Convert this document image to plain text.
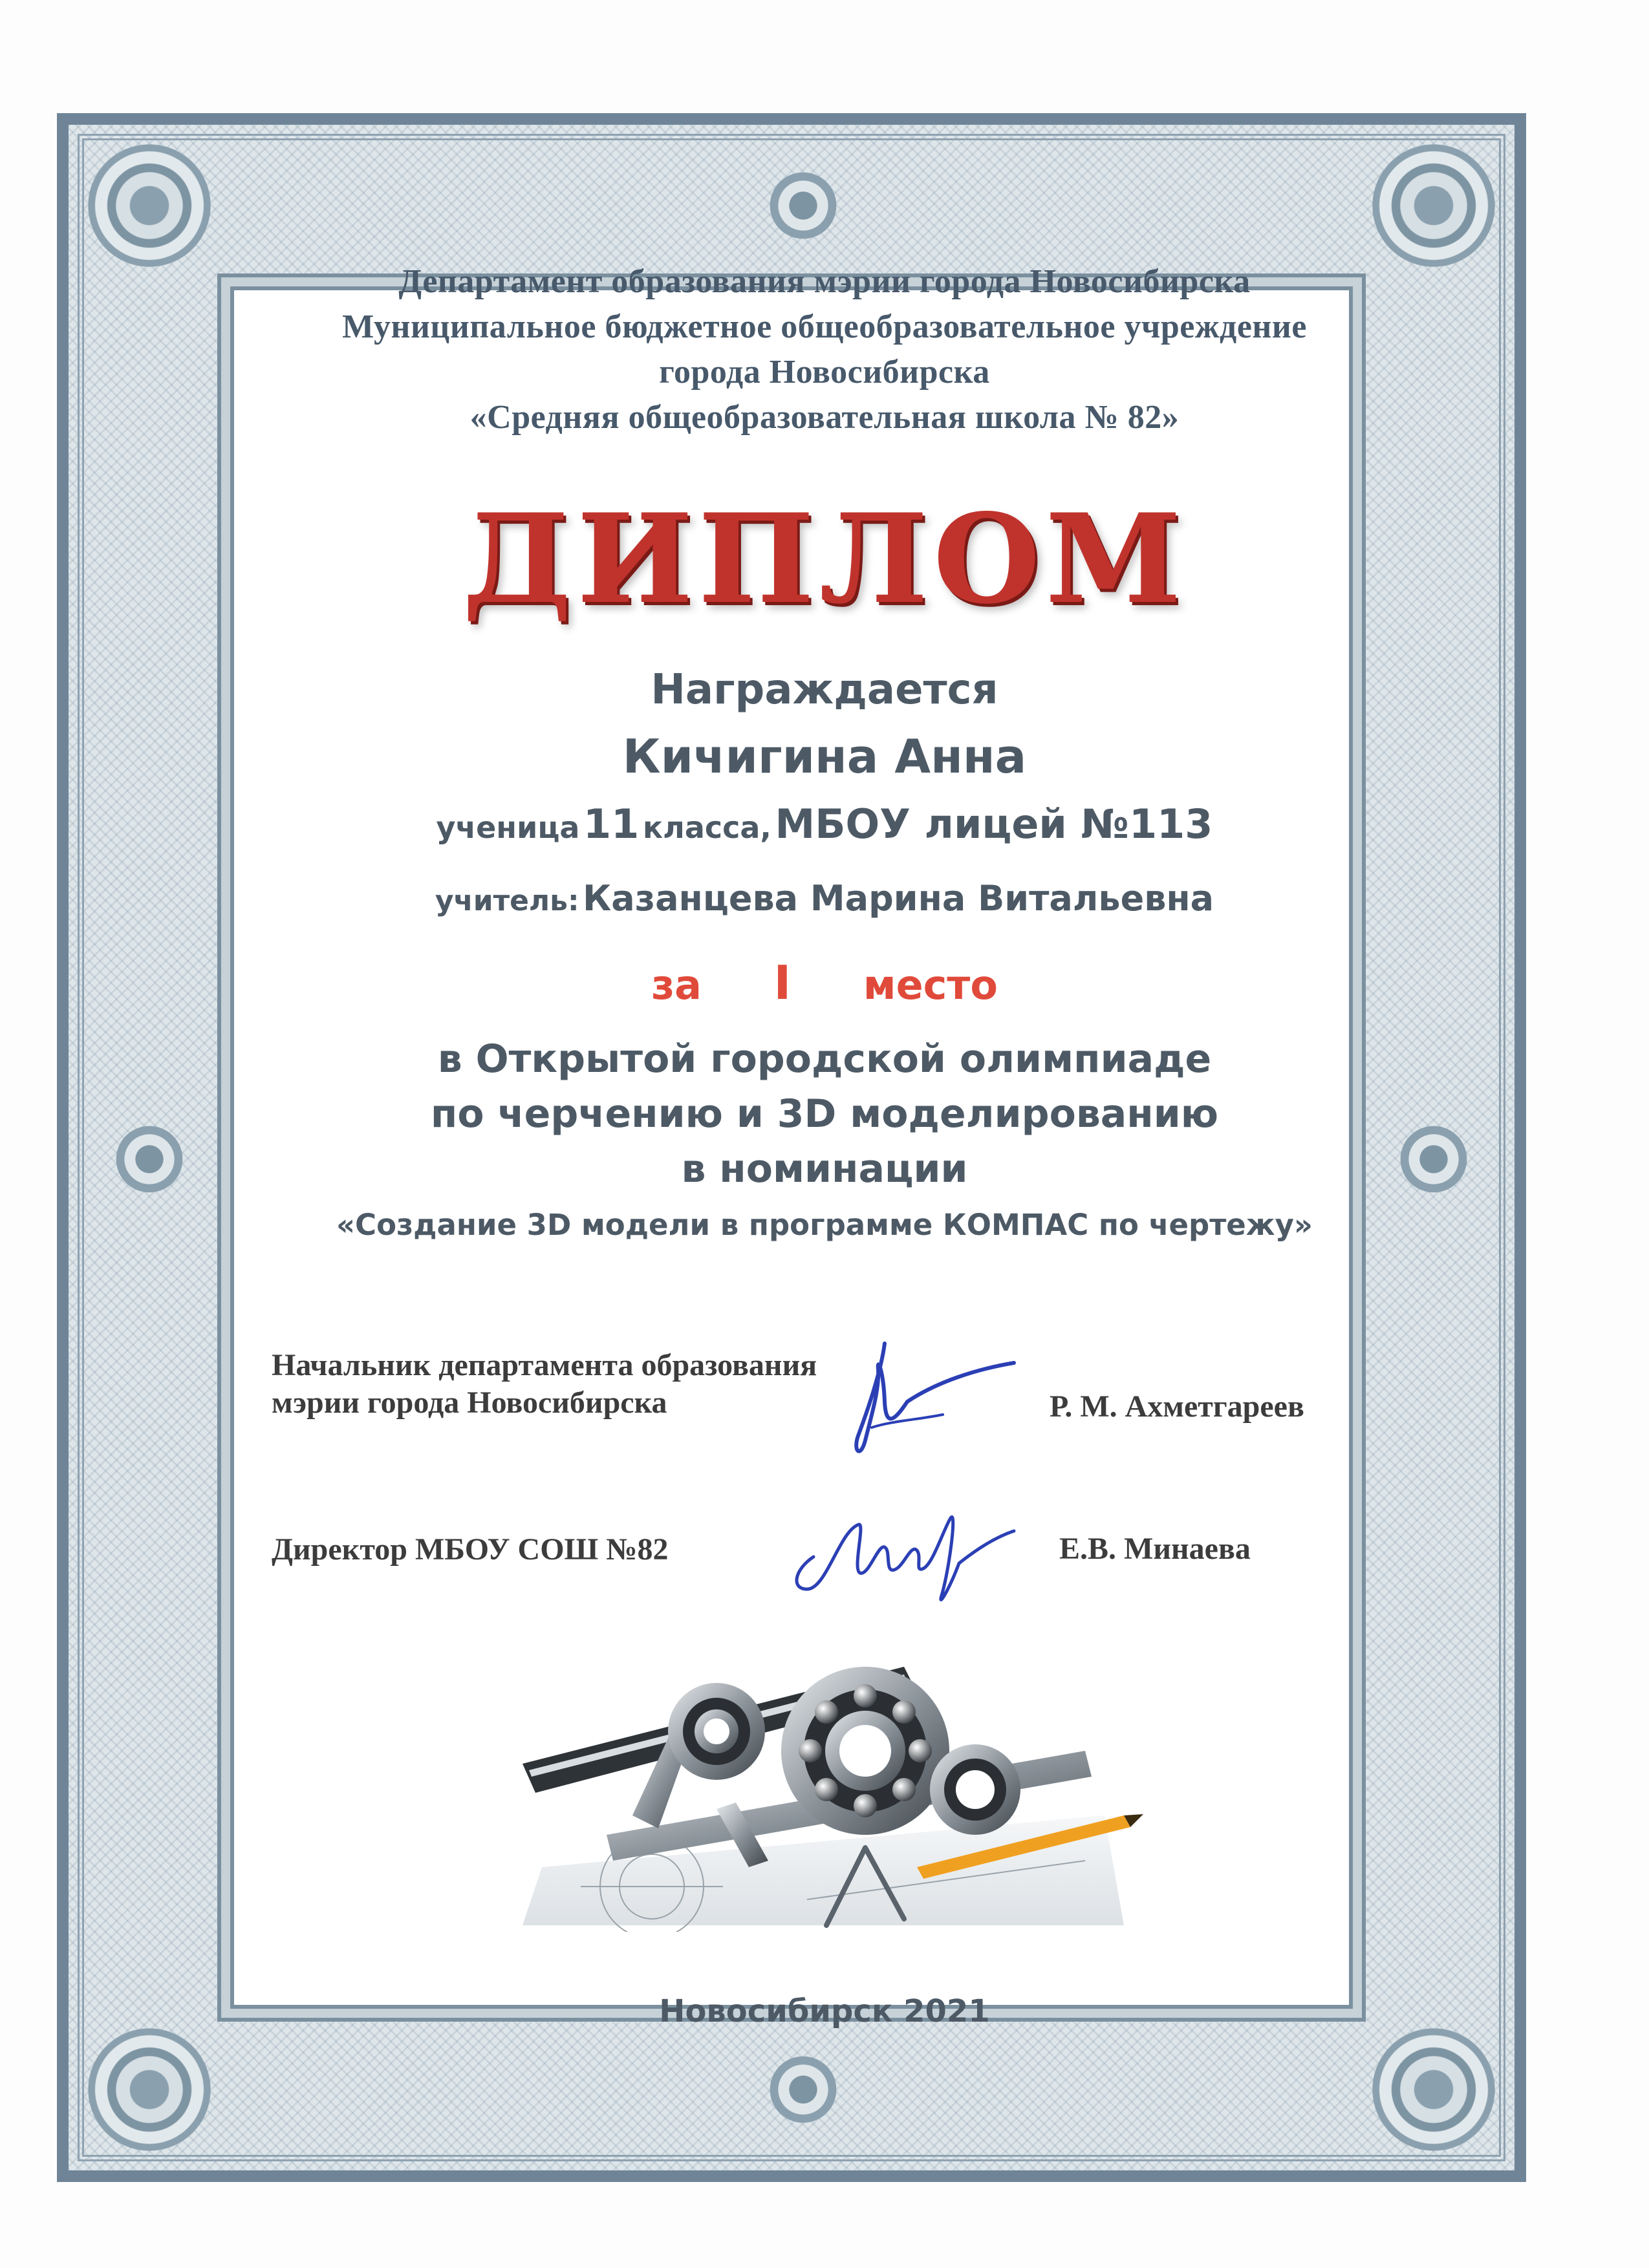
Департамент образования мэрии города Новосибирска
Муниципальное бюджетное общеобразовательное учреждение
города Новосибирска
«Средняя общеобразовательная школа № 82»
ДИПЛОМ
Награждается
Кичигина Анна
ученица 11 класса, МБОУ лицей №113
учитель: Казанцева Марина Витальевна
за I место
в Открытой городской олимпиаде
по черчению и 3D моделированию
в номинации
«Создание 3D модели в программе КОМПАС по чертежу»
Начальник департамента образования
мэрии города Новосибирска	Р. М. Ахметгареев
Директор МБОУ СОШ №82	Е.В. Минаева
Новосибирск 2021
